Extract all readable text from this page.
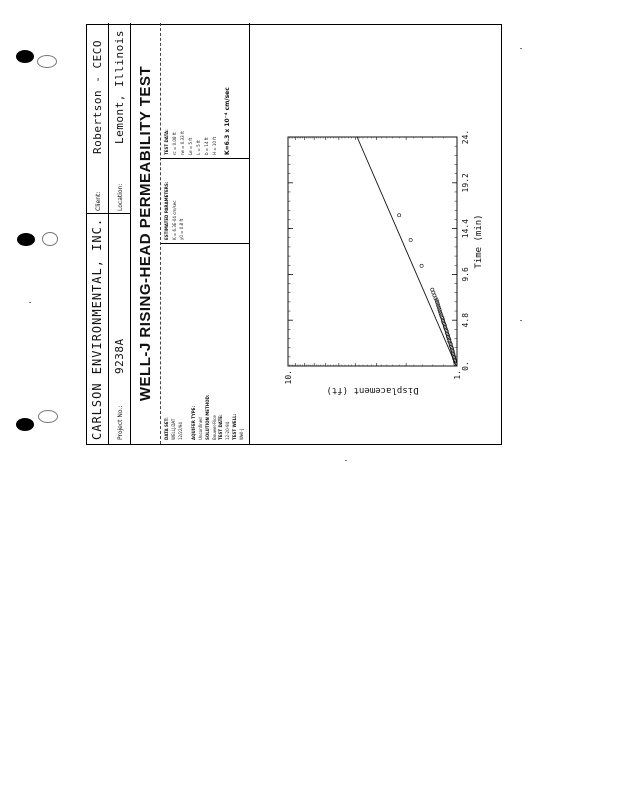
CARLSON ENVIRONMENTAL, INC.
Client:
Robertson - CECO
Project No.:
9238A
Location:
Lemont, Illinois WELL-J RISING-HEAD PERMEABILITY TEST
DATA SET: WELLJ.DAT 12/22/94 AQUIFER TYPE: Unconfined SOLUTION METHOD: Bouwer-Rice TEST DATE: 12-20-94 TEST WELL: Well-J
ESTIMATED PARAMETERS: K = 6.3E-04 cm/sec y0 = 0.8 ft
TEST DATA: rc = 0.08 ft rw = 0.33 ft Le = 5 ft L = 5 ft b = 14 ft H = 10 ft K=6.3 x 10⁻⁴ cm/sec
0.
4.8
9.6
14.4
19.2
24.
1.
10.
Time (min)
Displacement (ft)
